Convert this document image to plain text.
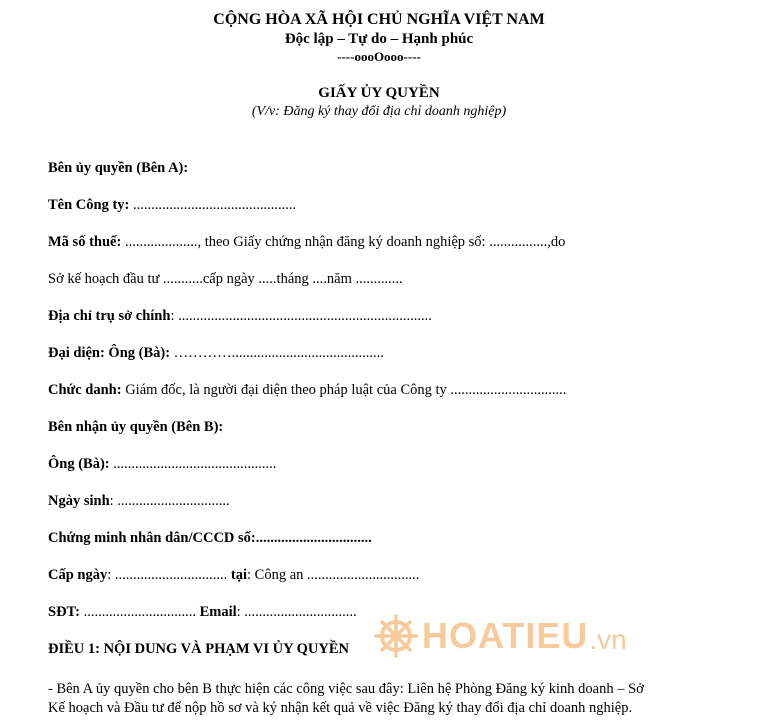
CỘNG HÒA XÃ HỘI CHỦ NGHĨA VIỆT NAM
Độc lập – Tự do – Hạnh phúc
----oooOooo----
GIẤY ỦY QUYỀN
(V/v: Đăng ký thay đổi địa chỉ doanh nghiệp)
Bên ủy quyền (Bên A):
Tên Công ty: .............................................
Mã số thuế: ...................., theo Giấy chứng nhận đăng ký doanh nghiệp số: ................,do
Sở kế hoạch đầu tư ...........cấp ngày .....tháng ....năm .............
Địa chỉ trụ sở chính: ......................................................................
Đại diện: Ông (Bà): …………..........................................
Chức danh: Giám đốc, là người đại diện theo pháp luật của Công ty ................................
Bên nhận ủy quyền (Bên B):
Ông (Bà): .............................................
Ngày sinh: ...............................
Chứng minh nhân dân/CCCD số:................................
Cấp ngày: ............................... tại: Công an ...............................
SĐT: ............................... Email: ...............................
ĐIỀU 1: NỘI DUNG VÀ PHẠM VI ỦY QUYỀN
- Bên A ủy quyền cho bên B thực hiện các công việc sau đây: Liên hệ Phòng Đăng ký kinh doanh – Sở
Kế hoạch và Đầu tư để nộp hồ sơ và ký nhận kết quả về việc Đăng ký thay đổi địa chỉ doanh nghiệp.
HOATIEU .vn
